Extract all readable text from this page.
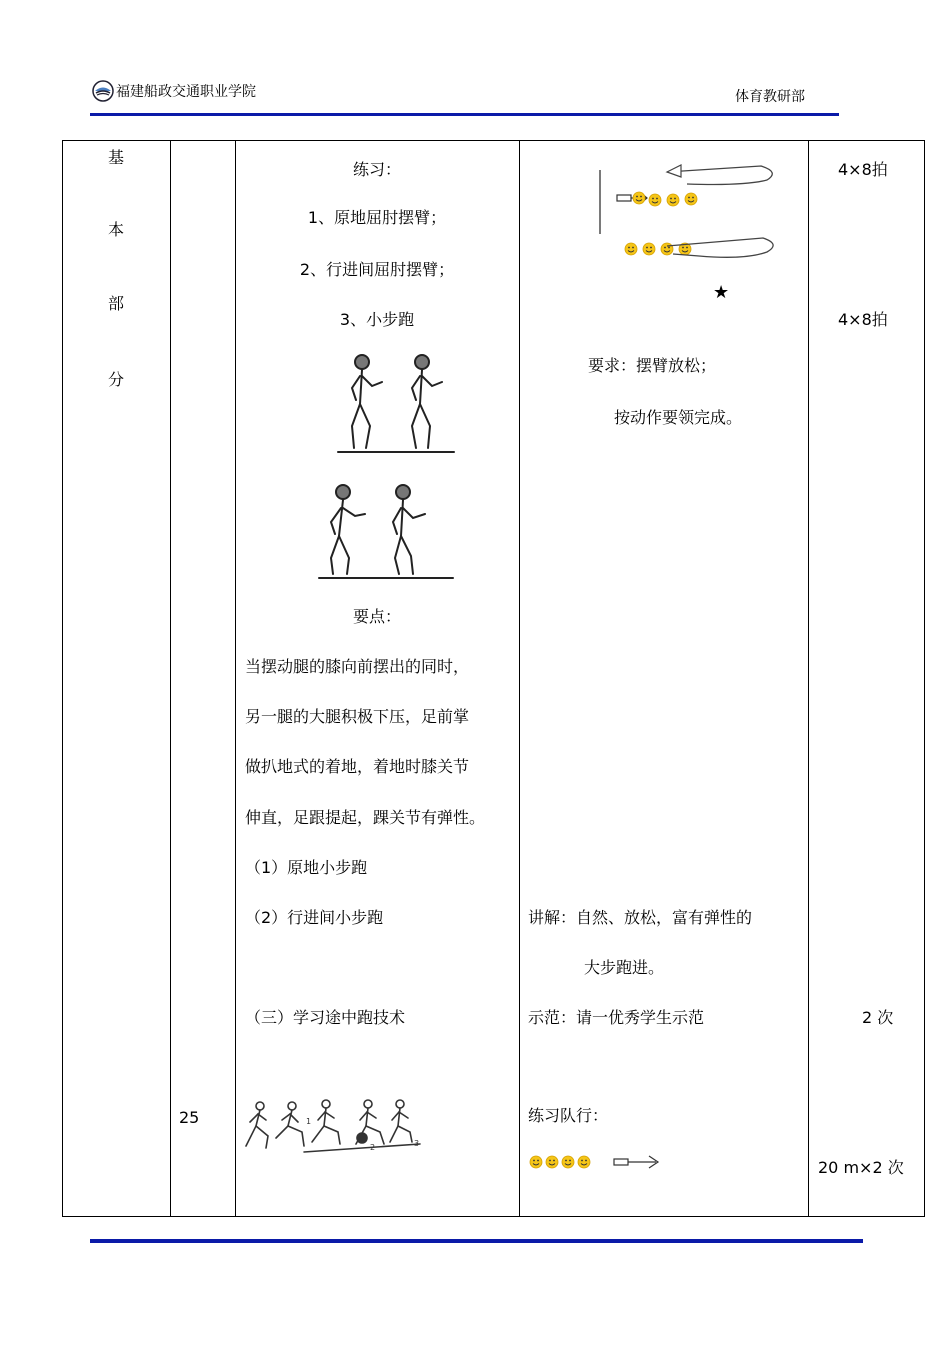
福建船政交通职业学院	体育教研部
基
本
部
分
25
练习：
1、原地屈肘摆臂；
2、行进间屈肘摆臂；
3、小步跑
要点：
当摆动腿的膝向前摆出的同时，
另一腿的大腿积极下压，足前掌
做扒地式的着地，着地时膝关节
伸直，足跟提起，踝关节有弹性。
（1）原地小步跑
（2）行进间小步跑
（三）学习途中跑技术
1
2	3
★
要求：摆臂放松；
按动作要领完成。
讲解：自然、放松，富有弹性的
大步跑进。
示范：请一优秀学生示范
练习队行：
4×8拍
4×8拍
2 次
20 m×2 次
